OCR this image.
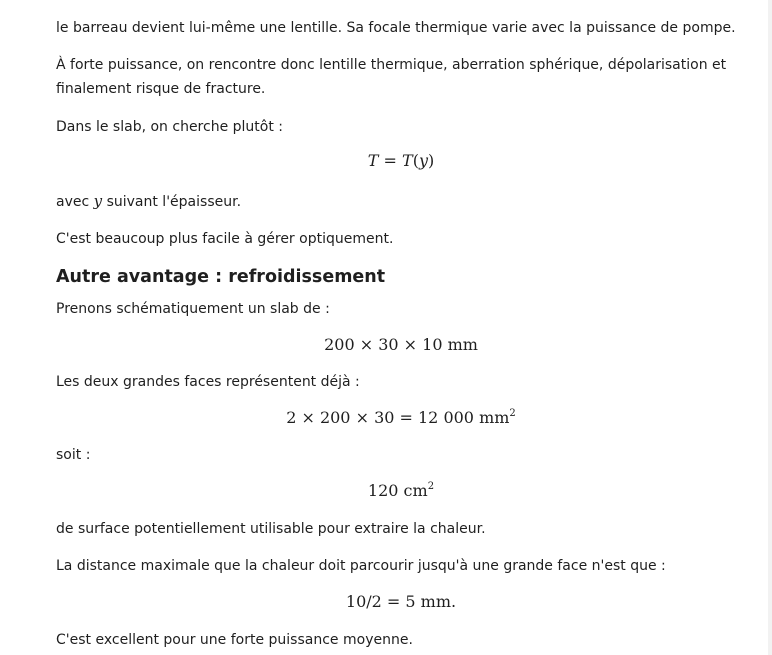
le barreau devient lui-même une lentille. Sa focale thermique varie avec la puissance de pompe.

À forte puissance, on rencontre donc lentille thermique, aberration sphérique, dépolarisation et finalement risque de fracture.

Dans le slab, on cherche plutôt :

T = T(y)

avec y suivant l'épaisseur.

C'est beaucoup plus facile à gérer optiquement.

Autre avantage : refroidissement

Prenons schématiquement un slab de :

200 × 30 × 10 mm

Les deux grandes faces représentent déjà :

2 × 200 × 30 = 12 000 $mm^2$

soit :

120 $cm^2$

de surface potentiellement utilisable pour extraire la chaleur.

La distance maximale que la chaleur doit parcourir jusqu'à une grande face n'est que :

10/2 = 5 mm.

C'est excellent pour une forte puissance moyenne.
